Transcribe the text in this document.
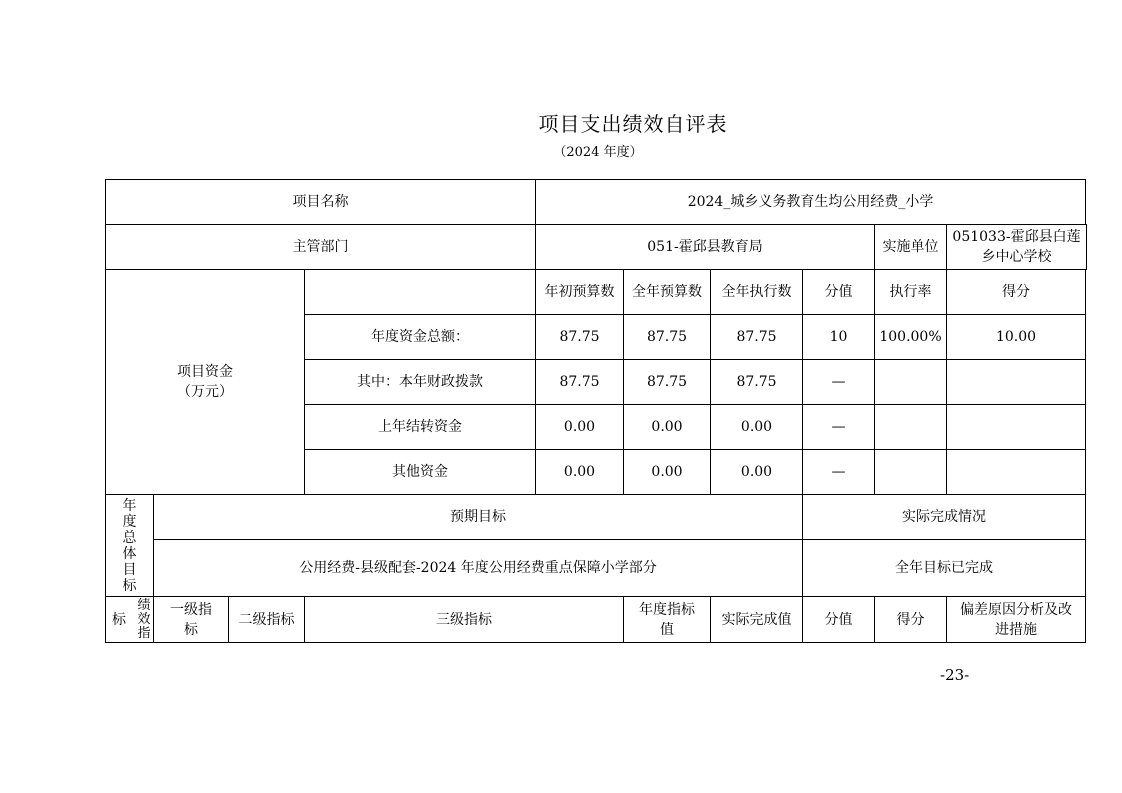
项目支出绩效自评表
（2024 年度）
项目名称				2024_城乡义务教育生均公用经费_小学					
主管部门				051-霍邱县教育局				实施单位	051033-霍邱县白莲乡中心学校
项目资金
（万元）				年初预算数	全年预算数	全年执行数	分值	执行率	得分
			年度资金总额：	87.75	87.75	87.75	10	100.00%	10.00
			其中：本年财政拨款	87.75	87.75	87.75	—		
			上年结转资金	0.00	0.00	0.00	—		
			其他资金	0.00	0.00	0.00	—		

年度总体目标	预期目标						实际完成情况		
	公用经费-县级配套-2024 年度公用经费重点保障小学部分						全年目标已完成		

标
绩效指	一级指标	二级指标	三级指标		年度指标值	实际完成值	分值	得分	偏差原因分析及改进措施
-23-
